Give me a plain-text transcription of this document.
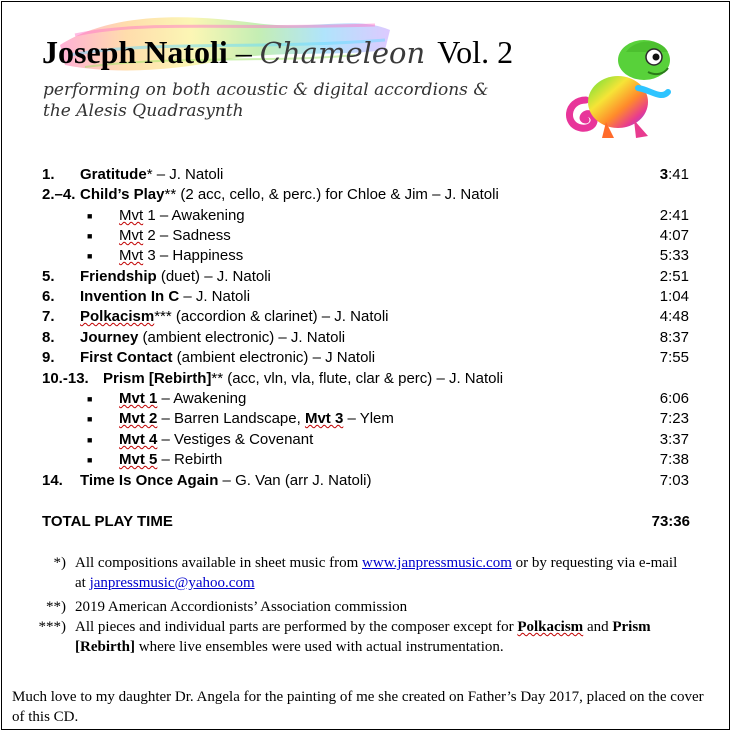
Joseph Natoli – Chameleon Vol. 2
performing on both acoustic & digital accordions & the Alesis Quadrasynth
1. Gratitude* – J. Natoli	3:41
2.–4. Child’s Play** (2 acc, cello, & perc.) for Chloe & Jim – J. Natoli
■ Mvt 1 – Awakening	2:41
■ Mvt 2 – Sadness	4:07
■ Mvt 3 – Happiness	5:33
5. Friendship (duet) – J. Natoli	2:51
6. Invention In C – J. Natoli	1:04
7. Polkacism*** (accordion & clarinet) – J. Natoli	4:48
8. Journey (ambient electronic) – J. Natoli	8:37
9. First Contact (ambient electronic) – J Natoli	7:55
10.-13. Prism [Rebirth]** (acc, vln, vla, flute, clar & perc) – J. Natoli
■ Mvt 1 – Awakening	6:06
■ Mvt 2 – Barren Landscape, Mvt 3 – Ylem	7:23
■ Mvt 4 – Vestiges & Covenant	3:37
■ Mvt 5 – Rebirth	7:38
14. Time Is Once Again – G. Van (arr J. Natoli)	7:03
TOTAL PLAY TIME	73:36
*) All compositions available in sheet music from www.janpressmusic.com or by requesting via e-mail at janpressmusic@yahoo.com
**) 2019 American Accordionists’ Association commission
***) All pieces and individual parts are performed by the composer except for Polkacism and Prism [Rebirth] where live ensembles were used with actual instrumentation.
Much love to my daughter Dr. Angela for the painting of me she created on Father’s Day 2017, placed on the cover of this CD.
